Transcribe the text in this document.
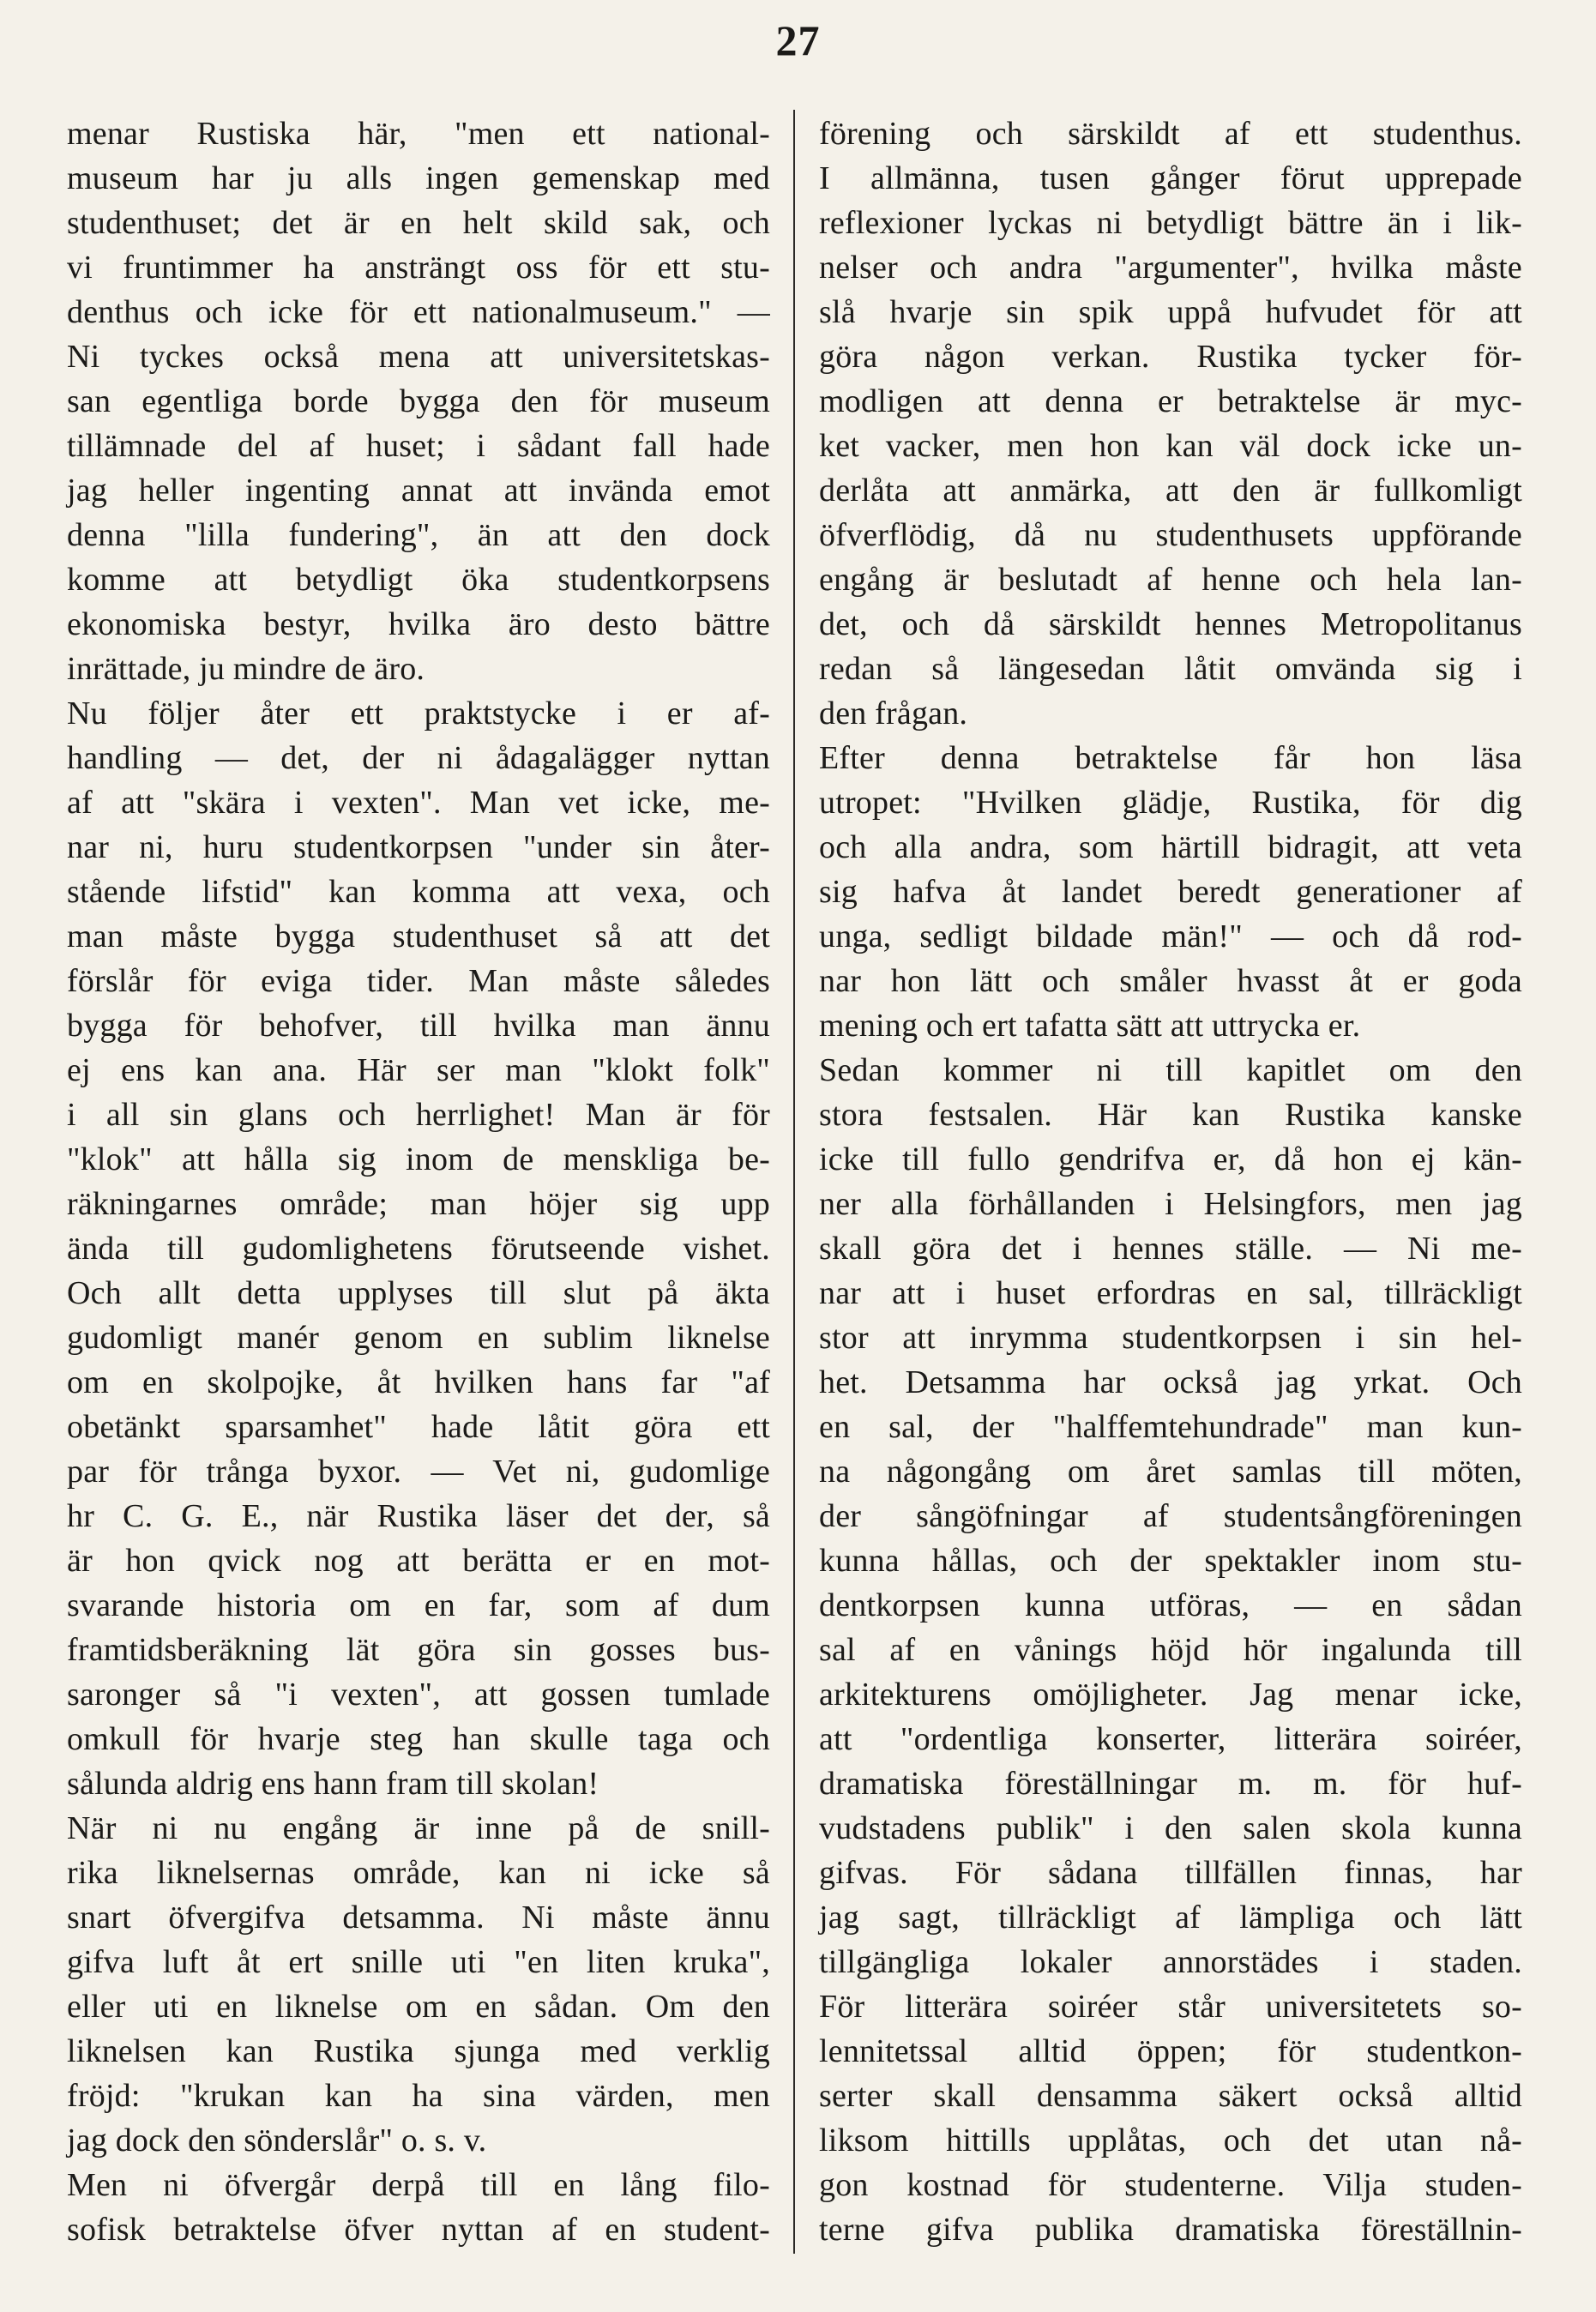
27
menar Rustiska här, "men ett national-
museum har ju alls ingen gemenskap med
studenthuset; det är en helt skild sak, och
vi fruntimmer ha ansträngt oss för ett stu-
denthus och icke för ett nationalmuseum." —
Ni tyckes också mena att universitetskas-
san egentliga borde bygga den för museum
tillämnade del af huset; i sådant fall hade
jag heller ingenting annat att invända emot
denna "lilla fundering", än att den dock
komme att betydligt öka studentkorpsens
ekonomiska bestyr, hvilka äro desto bättre
inrättade, ju mindre de äro.
Nu följer åter ett praktstycke i er af-
handling — det, der ni ådagalägger nyttan
af att "skära i vexten". Man vet icke, me-
nar ni, huru studentkorpsen "under sin åter-
stående lifstid" kan komma att vexa, och
man måste bygga studenthuset så att det
förslår för eviga tider. Man måste således
bygga för behofver, till hvilka man ännu
ej ens kan ana. Här ser man "klokt folk"
i all sin glans och herrlighet! Man är för
"klok" att hålla sig inom de menskliga be-
räkningarnes område; man höjer sig upp
ända till gudomlighetens förutseende vishet.
Och allt detta upplyses till slut på äkta
gudomligt manér genom en sublim liknelse
om en skolpojke, åt hvilken hans far "af
obetänkt sparsamhet" hade låtit göra ett
par för trånga byxor. — Vet ni, gudomlige
hr C. G. E., när Rustika läser det der, så
är hon qvick nog att berätta er en mot-
svarande historia om en far, som af dum
framtidsberäkning lät göra sin gosses bus-
saronger så "i vexten", att gossen tumlade
omkull för hvarje steg han skulle taga och
sålunda aldrig ens hann fram till skolan!
När ni nu engång är inne på de snill-
rika liknelsernas område, kan ni icke så
snart öfvergifva detsamma. Ni måste ännu
gifva luft åt ert snille uti "en liten kruka",
eller uti en liknelse om en sådan. Om den
liknelsen kan Rustika sjunga med verklig
fröjd: "krukan kan ha sina värden, men
jag dock den sönderslår" o. s. v.
Men ni öfvergår derpå till en lång filo-
sofisk betraktelse öfver nyttan af en student-
förening och särskildt af ett studenthus.
I allmänna, tusen gånger förut upprepade
reflexioner lyckas ni betydligt bättre än i lik-
nelser och andra "argumenter", hvilka måste
slå hvarje sin spik uppå hufvudet för att
göra någon verkan. Rustika tycker för-
modligen att denna er betraktelse är myc-
ket vacker, men hon kan väl dock icke un-
derlåta att anmärka, att den är fullkomligt
öfverflödig, då nu studenthusets uppförande
engång är beslutadt af henne och hela lan-
det, och då särskildt hennes Metropolitanus
redan så längesedan låtit omvända sig i
den frågan.
Efter denna betraktelse får hon läsa
utropet: "Hvilken glädje, Rustika, för dig
och alla andra, som härtill bidragit, att veta
sig hafva åt landet beredt generationer af
unga, sedligt bildade män!" — och då rod-
nar hon lätt och småler hvasst åt er goda
mening och ert tafatta sätt att uttrycka er.
Sedan kommer ni till kapitlet om den
stora festsalen. Här kan Rustika kanske
icke till fullo gendrifva er, då hon ej kän-
ner alla förhållanden i Helsingfors, men jag
skall göra det i hennes ställe. — Ni me-
nar att i huset erfordras en sal, tillräckligt
stor att inrymma studentkorpsen i sin hel-
het. Detsamma har också jag yrkat. Och
en sal, der "halffemtehundrade" man kun-
na någongång om året samlas till möten,
der sångöfningar af studentsångföreningen
kunna hållas, och der spektakler inom stu-
dentkorpsen kunna utföras, — en sådan
sal af en vånings höjd hör ingalunda till
arkitekturens omöjligheter. Jag menar icke,
att "ordentliga konserter, litterära soiréer,
dramatiska föreställningar m. m. för huf-
vudstadens publik" i den salen skola kunna
gifvas. För sådana tillfällen finnas, har
jag sagt, tillräckligt af lämpliga och lätt
tillgängliga lokaler annorstädes i staden.
För litterära soiréer står universitetets so-
lennitetssal alltid öppen; för studentkon-
serter skall densamma säkert också alltid
liksom hittills upplåtas, och det utan nå-
gon kostnad för studenterne. Vilja studen-
terne gifva publika dramatiska föreställnin-
